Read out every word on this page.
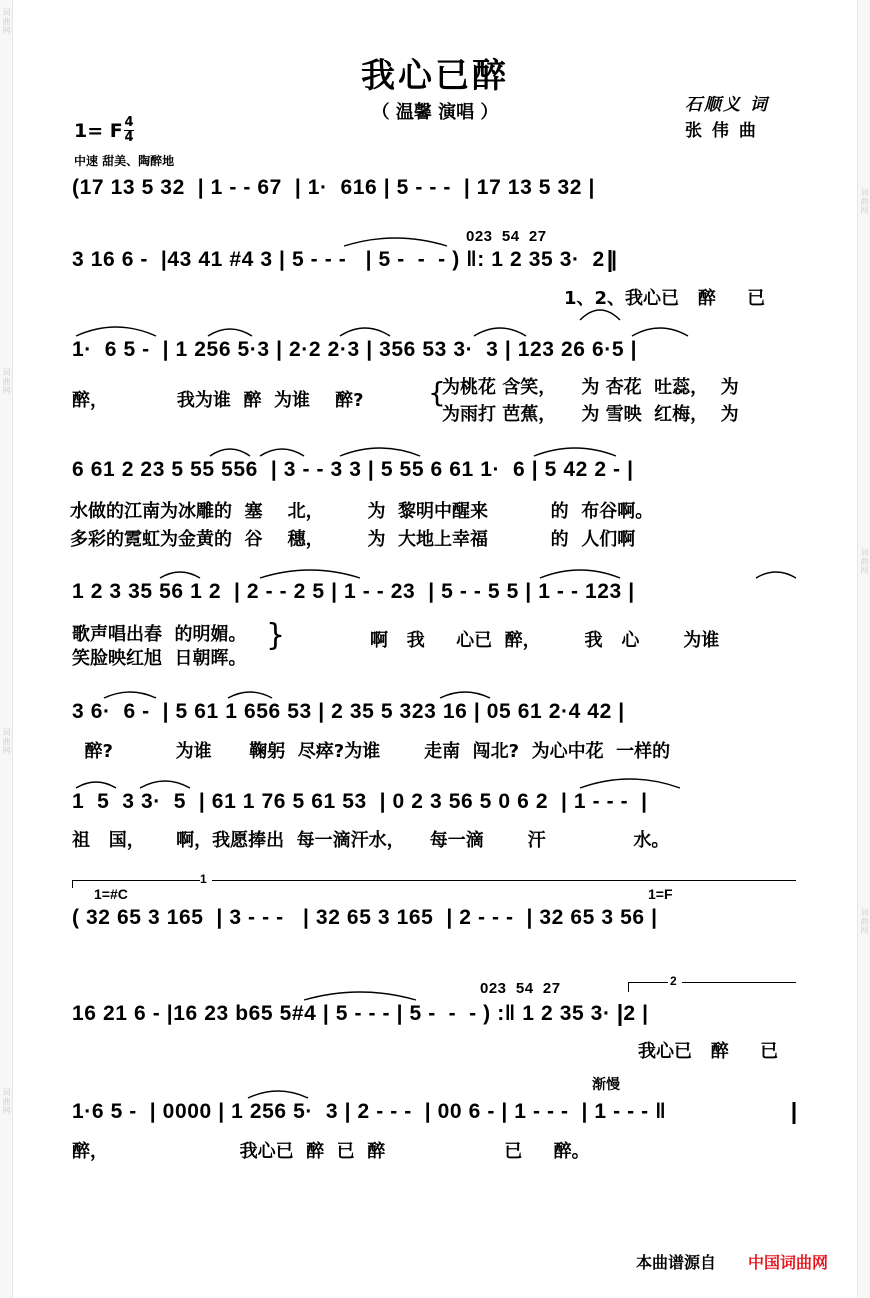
词曲网
词曲网
词曲网
词曲网
词曲网
词曲网
词曲网
我心已醉
（ 温馨 演唱 ）	石顺义 词
张 伟 曲
1= F 4
4
中速 甜美、陶醉地
(17 13 5 32  | 1 - - 67  | 1·  616 | 5 - - -  | 17 13 5 32 |
023  54  27
3 16 6 -  |43 41 #4 3 | 5 - - -   | 5 -  -  - ) ‖: 1 2 35 3·  2 |
1、2、我心已   醉     已
1·  6 5 -  | 1 256 5·3 | 2·2 2·3 | 356 53 3·  3 | 123 26 6·5 |
醉，           我为谁  醉  为谁    醉? {
为桃花 含笑，    为 杏花  吐蕊，  为
为雨打 芭蕉，    为 雪映  红梅，  为
6 61 2 23 5 55 556  | 3 - - 3 3 | 5 55 6 61 1·  6 | 5 42 2 - |
水做的江南为冰雕的  塞    北，       为  黎明中醒来          的  布谷啊。
多彩的霓虹为金黄的  谷    穗，       为  大地上幸福          的  人们啊
1 2 3 35 56 1 2  | 2 - - 2 5 | 1 - - 23  | 5 - - 5 5 | 1 - - 123 |
歌声唱出春  的明媚。
笑脸映红旭  日朝晖。
}	啊   我     心已  醉，       我   心       为谁
3 6·  6 -  | 5 61 1 656 53 | 2 35 5 323 16 | 05 61 2·4 42 |
醉?          为谁      鞠躬  尽瘁?为谁       走南  闯北?  为心中花  一样的
1  5  3 3·  5  | 61 1 76 5 61 53  | 0 2 3 56 5 0 6 2  | 1 - - -  |
祖   国，     啊，我愿捧出  每一滴汗水，    每一滴       汗              水。
1
1=#C	1=F
( 32 65 3 165  | 3 - - -   | 32 65 3 165  | 2 - - -  | 32 65 3 56 |
023  54  27	2
16 21 6 - |16 23 b65 5#4 | 5 - - - | 5 -  -  - ) :‖ 1 2 35 3·  2 |
我心已   醉     已
渐慢
1·6 5 -  | 0000 | 1 256 5·  3 | 2 - - -  | 00 6 - | 1 - - -  | 1 - - - ‖
醉，                     我心已  醉  已  醉                   已     醉。
本曲谱源自 中国词曲网
